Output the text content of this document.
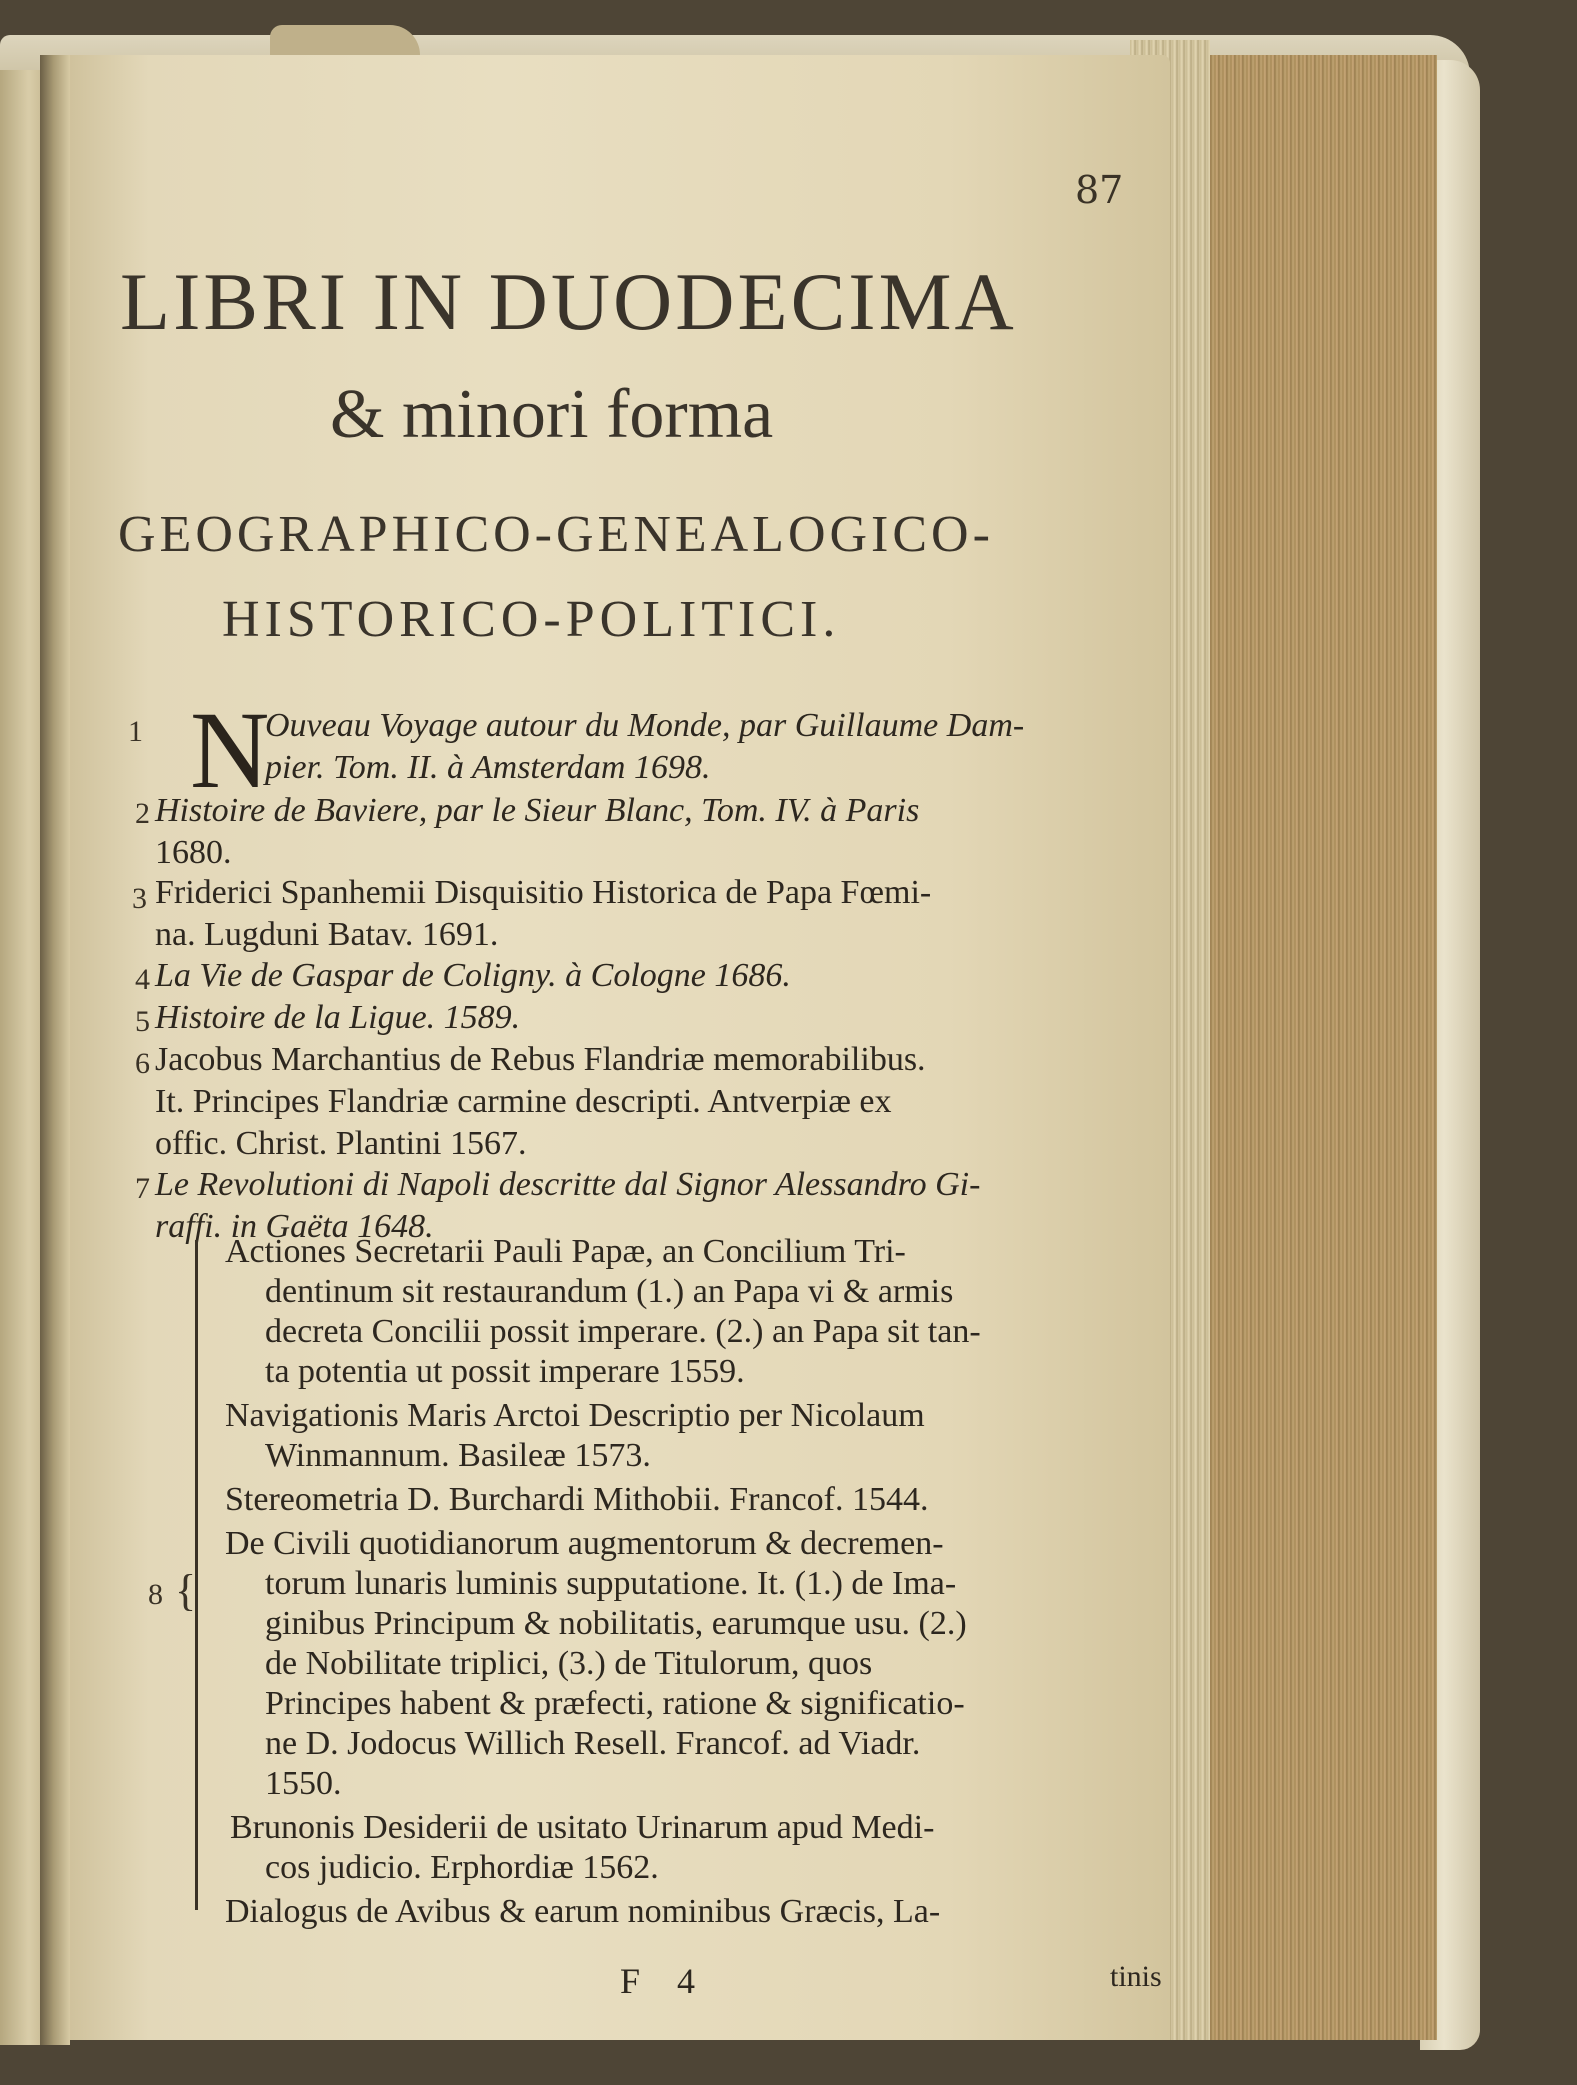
87
LIBRI IN DUODECIMA
& minori forma
GEOGRAPHICO-GENEALOGICO-
HISTORICO-POLITICI.
1 N
Ouveau Voyage autour du Monde, par Guillaume Dam-
pier. Tom. II. à Amsterdam 1698.
2 Histoire de Baviere, par le Sieur Blanc, Tom. IV. à Paris
1680.
3 Friderici Spanhemii Disquisitio Historica de Papa Fœmi-
na. Lugduni Batav. 1691.
4 La Vie de Gaspar de Coligny. à Cologne 1686.
5 Histoire de la Ligue. 1589.
6 Jacobus Marchantius de Rebus Flandriæ memorabilibus.
It. Principes Flandriæ carmine descripti. Antverpiæ ex
offic. Christ. Plantini 1567.
7 Le Revolutioni di Napoli descritte dal Signor Alessandro Gi-
raffi. in Gaëta 1648.
{
8
Actiones Secretarii Pauli Papæ, an Concilium Tri-
dentinum sit restaurandum (1.) an Papa vi & armis
decreta Concilii possit imperare. (2.) an Papa sit tan-
ta potentia ut possit imperare 1559.
Navigationis Maris Arctoi Descriptio per Nicolaum
Winmannum. Basileæ 1573.
Stereometria D. Burchardi Mithobii. Francof. 1544.
De Civili quotidianorum augmentorum & decremen-
torum lunaris luminis supputatione. It. (1.) de Ima-
ginibus Principum & nobilitatis, earumque usu. (2.)
de Nobilitate triplici, (3.) de Titulorum, quos
Principes habent & præfecti, ratione & significatio-
ne D. Jodocus Willich Resell. Francof. ad Viadr.
1550.
Brunonis Desiderii de usitato Urinarum apud Medi-
cos judicio. Erphordiæ 1562.
Dialogus de Avibus & earum nominibus Græcis, La-
F 4	tinis
